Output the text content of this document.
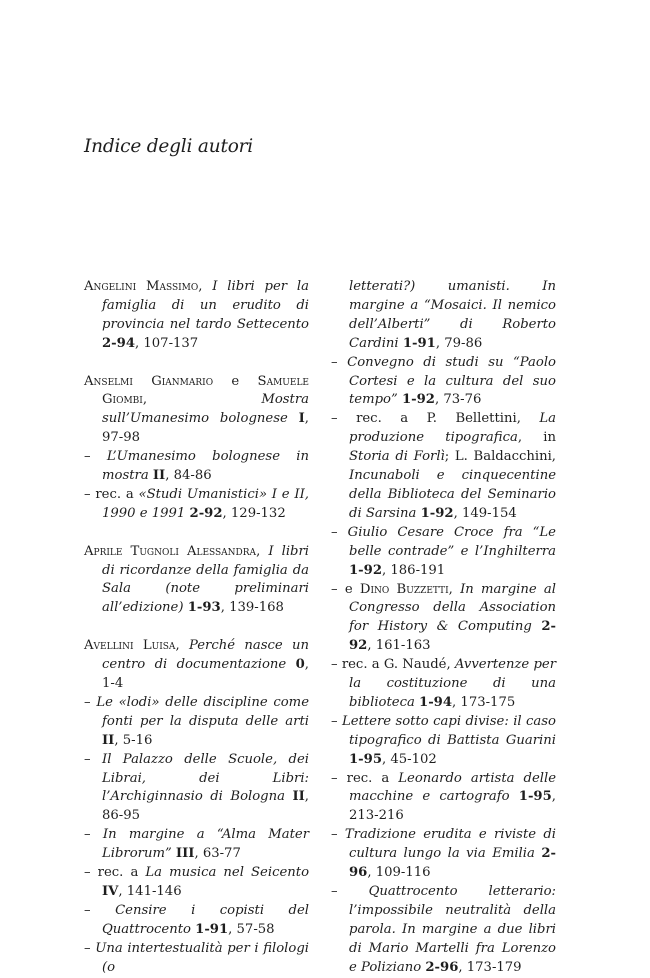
Indice degli autori

Angelini Massimo, I libri per la famiglia di un erudito di provincia nel tardo Settecento 2-94, 107-137

Anselmi Gianmario e Samuele Giombi, Mostra sull’Umanesimo bolognese I, 97-98

– L’Umanesimo bolognese in mostra II, 84-86

– rec. a «Studi Umanistici» I e II, 1990 e 1991 2-92, 129-132

Aprile Tugnoli Alessandra, I libri di ricordanze della famiglia da Sala (note preliminari all’edizione) 1-93, 139-168

Avellini Luisa, Perché nasce un centro di documentazione 0, 1-4

– Le «lodi» delle discipline come fonti per la disputa delle arti II, 5-16

– Il Palazzo delle Scuole, dei Librai, dei Libri: l’Archiginnasio di Bologna II, 86-95

– In margine a “Alma Mater Librorum” III, 63-77

– rec. a La musica nel Seicento IV, 141-146

– Censire i copisti del Quattrocento 1-91, 57-58

– Una intertestualità per i filologi (o

letterati?) umanisti. In margine a “Mosaici. Il nemico dell’Alberti” di Roberto Cardini 1-91, 79-86

– Convegno di studi su “Paolo Cortesi e la cultura del suo tempo” 1-92, 73-76

– rec. a P. Bellettini, La produzione tipografica, in Storia di Forlì; L. Baldacchini, Incunaboli e cinquecentine della Biblioteca del Seminario di Sarsina 1-92, 149-154

– Giulio Cesare Croce fra “Le belle contrade” e l’Inghilterra 1-92, 186-191

– e Dino Buzzetti, In margine al Congresso della Association for History & Computing 2-92, 161-163

– rec. a G. Naudé, Avvertenze per la costituzione di una biblioteca 1-94, 173-175

– Lettere sotto capi divise: il caso tipografico di Battista Guarini 1-95, 45-102

– rec. a Leonardo artista delle macchine e cartografo 1-95, 213-216

– Tradizione erudita e riviste di cultura lungo la via Emilia 2-96, 109-116

– Quattrocento letterario: l’impossibile neutralità della parola. In margine a due libri di Mario Martelli fra Lorenzo e Poliziano 2-96, 173-179
